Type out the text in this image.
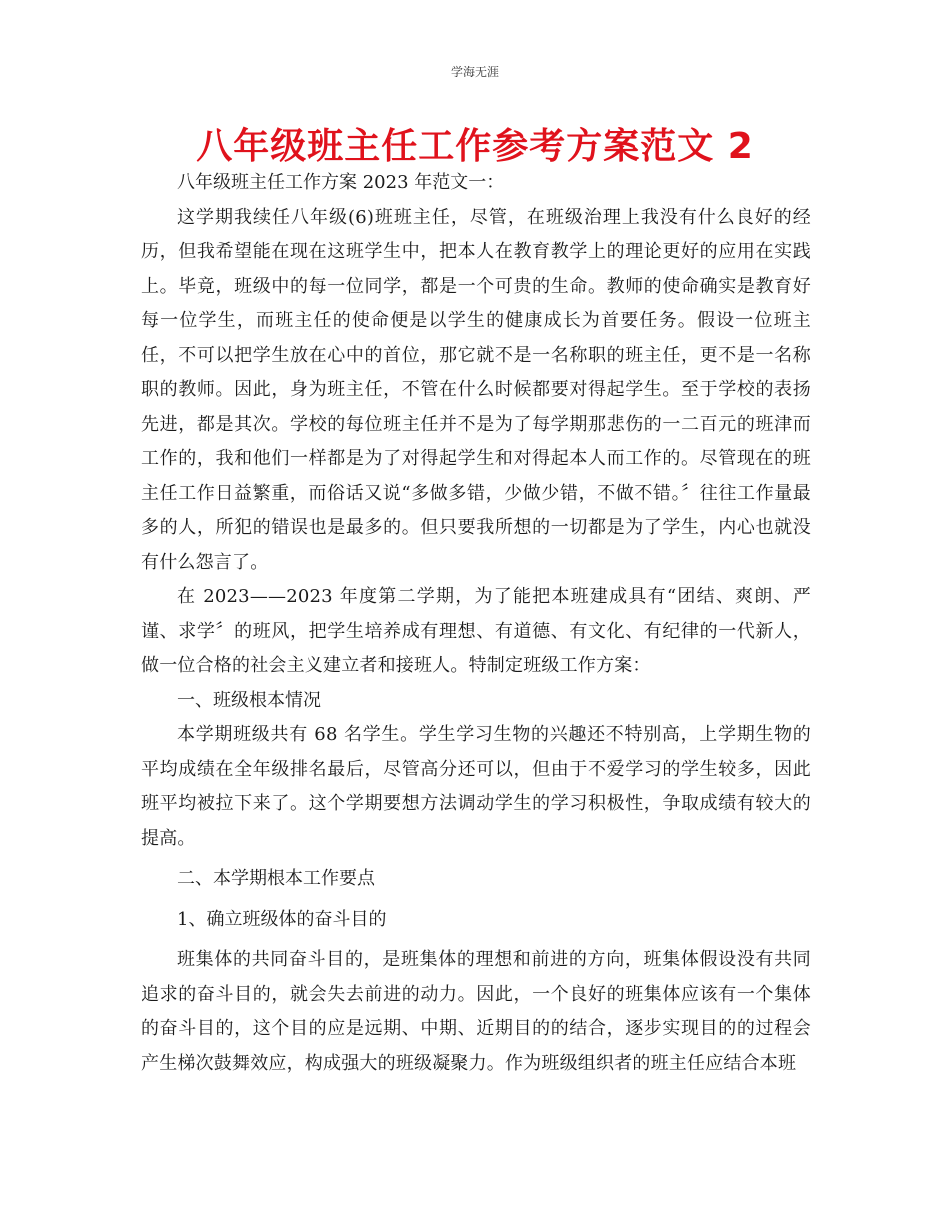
学海无涯
八年级班主任工作参考方案范文 2

八年级班主任工作方案 2023 年范文一：

这学期我续任八年级(6)班班主任，尽管，在班级治理上我没有什么良好的经历，但我希望能在现在这班学生中，把本人在教育教学上的理论更好的应用在实践上。毕竟，班级中的每一位同学，都是一个可贵的生命。教师的使命确实是教育好每一位学生，而班主任的使命便是以学生的健康成长为首要任务。假设一位班主任，不可以把学生放在心中的首位，那它就不是一名称职的班主任，更不是一名称职的教师。因此，身为班主任，不管在什么时候都要对得起学生。至于学校的表扬先进，都是其次。学校的每位班主任并不是为了每学期那悲伤的一二百元的班津而工作的，我和他们一样都是为了对得起学生和对得起本人而工作的。尽管现在的班主任工作日益繁重，而俗话又说“多做多错，少做少错，不做不错。〞往往工作量最多的人，所犯的错误也是最多的。但只要我所想的一切都是为了学生，内心也就没有什么怨言了。

在 2023——2023 年度第二学期，为了能把本班建成具有“团结、爽朗、严谨、求学〞的班风，把学生培养成有理想、有道德、有文化、有纪律的一代新人，做一位合格的社会主义建立者和接班人。特制定班级工作方案：

一、班级根本情况

本学期班级共有 68 名学生。学生学习生物的兴趣还不特别高，上学期生物的平均成绩在全年级排名最后，尽管高分还可以，但由于不爱学习的学生较多，因此班平均被拉下来了。这个学期要想方法调动学生的学习积极性，争取成绩有较大的提高。

二、本学期根本工作要点

1、确立班级体的奋斗目的

班集体的共同奋斗目的，是班集体的理想和前进的方向，班集体假设没有共同追求的奋斗目的，就会失去前进的动力。因此，一个良好的班集体应该有一个集体的奋斗目的，这个目的应是远期、中期、近期目的的结合，逐步实现目的的过程会产生梯次鼓舞效应，构成强大的班级凝聚力。作为班级组织者的班主任应结合本班
